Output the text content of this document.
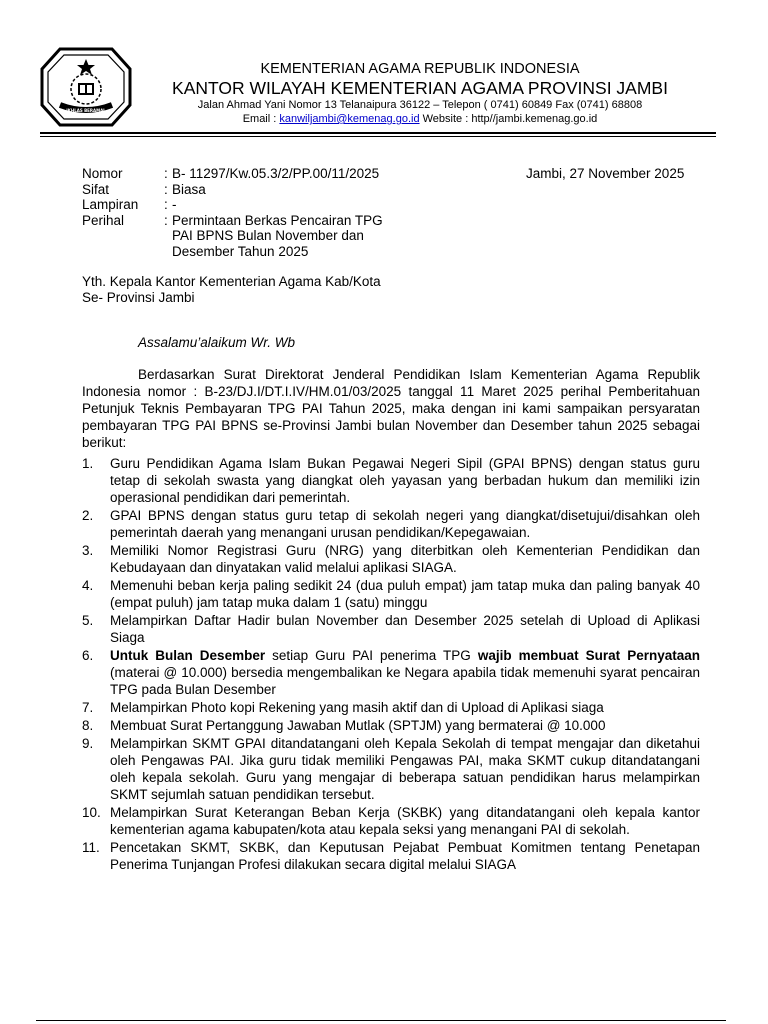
IKHLAS BERAMAL
KEMENTERIAN AGAMA REPUBLIK INDONESIA
KANTOR WILAYAH KEMENTERIAN AGAMA PROVINSI JAMBI
Jalan Ahmad Yani Nomor 13 Telanaipura 36122 – Telepon ( 0741) 60849 Fax (0741) 68808
Email : kanwiljambi@kemenag.go.id Website : http//jambi.kemenag.go.id
Nomor	: B- 11297/Kw.05.3/2/PP.00/11/2025
Sifat	: Biasa
Lampiran	: -
Perihal	: Permintaan Berkas Pencairan TPG PAI BPNS Bulan November dan Desember Tahun 2025
Jambi, 27 November 2025
Yth. Kepala Kantor Kementerian Agama Kab/Kota
Se- Provinsi Jambi
Assalamu’alaikum Wr. Wb

Berdasarkan Surat Direktorat Jenderal Pendidikan Islam Kementerian Agama Republik Indonesia nomor : B-23/DJ.I/DT.I.IV/HM.01/03/2025 tanggal 11 Maret 2025 perihal Pemberitahuan Petunjuk Teknis Pembayaran TPG PAI Tahun 2025, maka dengan ini kami sampaikan persyaratan pembayaran TPG PAI BPNS se-Provinsi Jambi bulan November dan Desember tahun 2025 sebagai berikut:

1.	Guru Pendidikan Agama Islam Bukan Pegawai Negeri Sipil (GPAI BPNS) dengan status guru tetap di sekolah swasta yang diangkat oleh yayasan yang berbadan hukum dan memiliki izin operasional pendidikan dari pemerintah.
2.	GPAI BPNS dengan status guru tetap di sekolah negeri yang diangkat/disetujui/disahkan oleh pemerintah daerah yang menangani urusan pendidikan/Kepegawaian.
3.	Memiliki Nomor Registrasi Guru (NRG) yang diterbitkan oleh Kementerian Pendidikan dan Kebudayaan dan dinyatakan valid melalui aplikasi SIAGA.
4.	Memenuhi beban kerja paling sedikit 24 (dua puluh empat) jam tatap muka dan paling banyak 40 (empat puluh) jam tatap muka dalam 1 (satu) minggu
5.	Melampirkan Daftar Hadir bulan November dan Desember 2025 setelah di Upload di Aplikasi Siaga
6.	Untuk Bulan Desember setiap Guru PAI penerima TPG wajib membuat Surat Pernyataan (materai @ 10.000) bersedia mengembalikan ke Negara apabila tidak memenuhi syarat pencairan TPG pada Bulan Desember
7.	Melampirkan Photo kopi Rekening yang masih aktif dan di Upload di Aplikasi siaga
8.	Membuat Surat Pertanggung Jawaban Mutlak (SPTJM) yang bermaterai @ 10.000
9.	Melampirkan SKMT GPAI ditandatangani oleh Kepala Sekolah di tempat mengajar dan diketahui oleh Pengawas PAI. Jika guru tidak memiliki Pengawas PAI, maka SKMT cukup ditandatangani oleh kepala sekolah. Guru yang mengajar di beberapa satuan pendidikan harus melampirkan SKMT sejumlah satuan pendidikan tersebut.
10. Melampirkan Surat Keterangan Beban Kerja (SKBK) yang ditandatangani oleh kepala kantor kementerian agama kabupaten/kota atau kepala seksi yang menangani PAI di sekolah.
11. Pencetakan SKMT, SKBK, dan Keputusan Pejabat Pembuat Komitmen tentang Penetapan Penerima Tunjangan Profesi dilakukan secara digital melalui SIAGA
